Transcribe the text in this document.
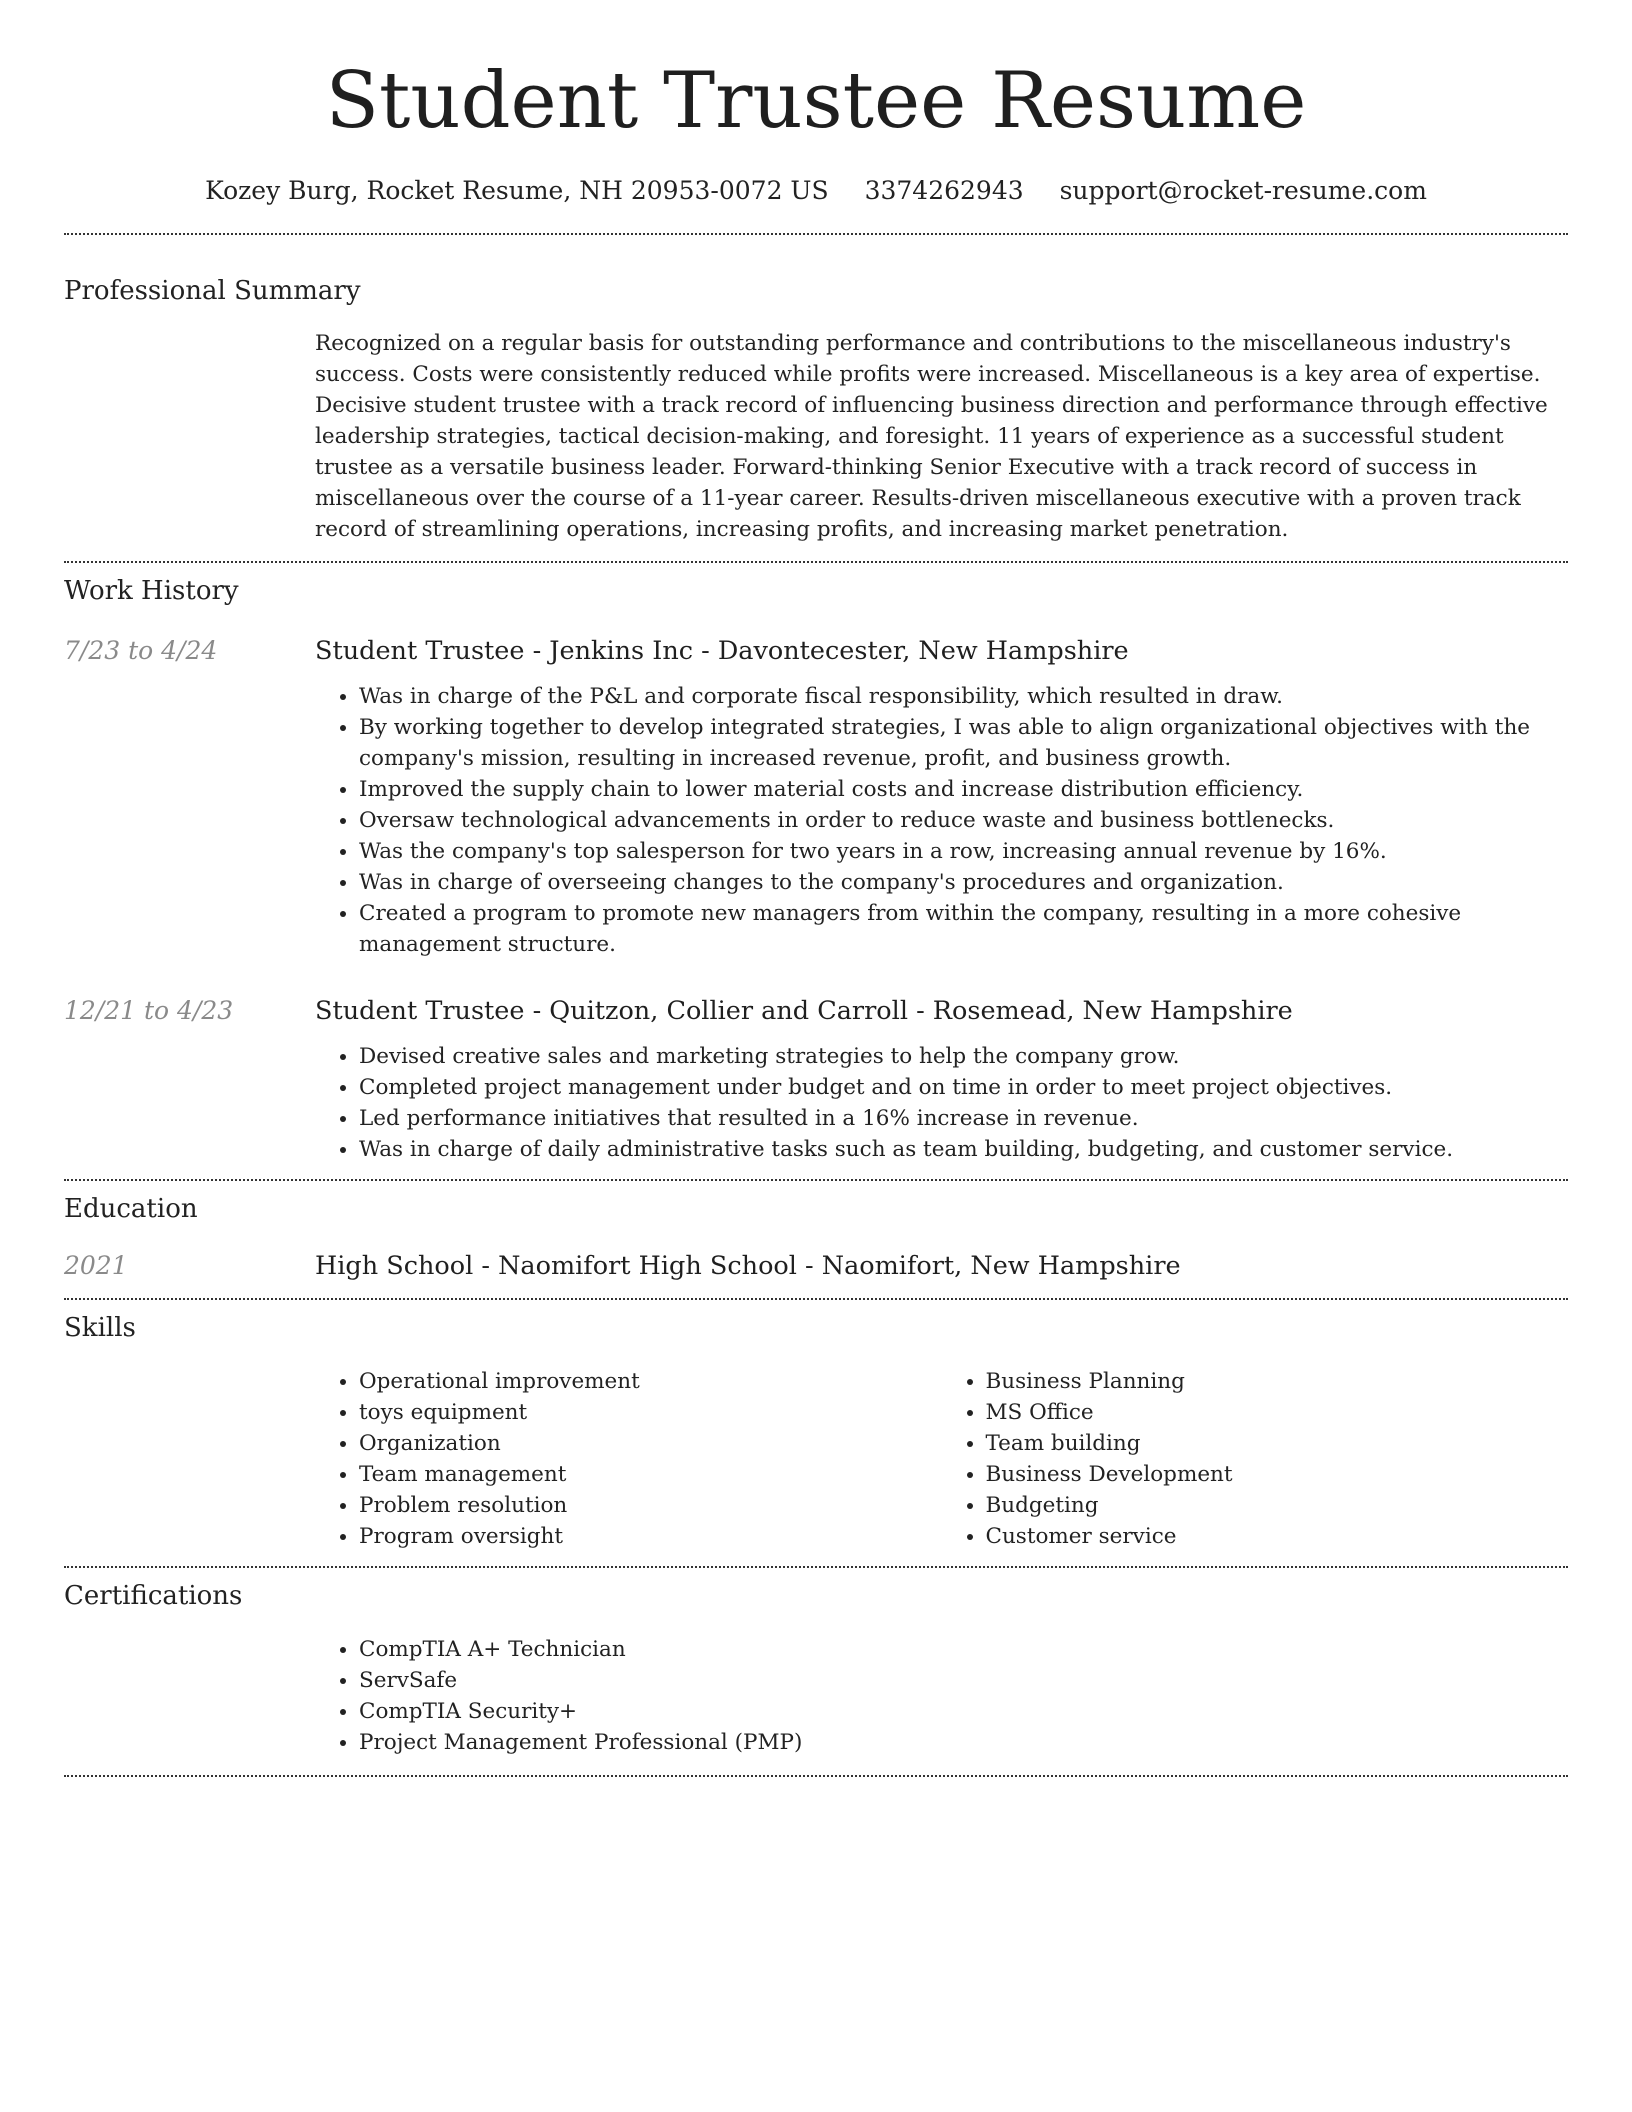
Student Trustee Resume
Kozey Burg, Rocket Resume, NH 20953-0072 US 3374262943 support@rocket-resume.com
Professional Summary
Recognized on a regular basis for outstanding performance and contributions to the miscellaneous industry's success. Costs were consistently reduced while profits were increased. Miscellaneous is a key area of expertise. Decisive student trustee with a track record of influencing business direction and performance through effective leadership strategies, tactical decision-making, and foresight. 11 years of experience as a successful student trustee as a versatile business leader. Forward-thinking Senior Executive with a track record of success in miscellaneous over the course of a 11-year career. Results-driven miscellaneous executive with a proven track record of streamlining operations, increasing profits, and increasing market penetration.
Work History
7/23 to 4/24	Student Trustee - Jenkins Inc - Davontecester, New Hampshire
• Was in charge of the P&L and corporate fiscal responsibility, which resulted in draw.
• By working together to develop integrated strategies, I was able to align organizational objectives with the company's mission, resulting in increased revenue, profit, and business growth.
• Improved the supply chain to lower material costs and increase distribution efficiency.
• Oversaw technological advancements in order to reduce waste and business bottlenecks.
• Was the company's top salesperson for two years in a row, increasing annual revenue by 16%.
• Was in charge of overseeing changes to the company's procedures and organization.
• Created a program to promote new managers from within the company, resulting in a more cohesive management structure.
12/21 to 4/23	Student Trustee - Quitzon, Collier and Carroll - Rosemead, New Hampshire
• Devised creative sales and marketing strategies to help the company grow.
• Completed project management under budget and on time in order to meet project objectives.
• Led performance initiatives that resulted in a 16% increase in revenue.
• Was in charge of daily administrative tasks such as team building, budgeting, and customer service.
Education
2021	High School - Naomifort High School - Naomifort, New Hampshire
Skills
• Operational improvement
• toys equipment
• Organization
• Team management
• Problem resolution
• Program oversight
• Business Planning
• MS Office
• Team building
• Business Development
• Budgeting
• Customer service
Certifications
• CompTIA A+ Technician
• ServSafe
• CompTIA Security+
• Project Management Professional (PMP)
